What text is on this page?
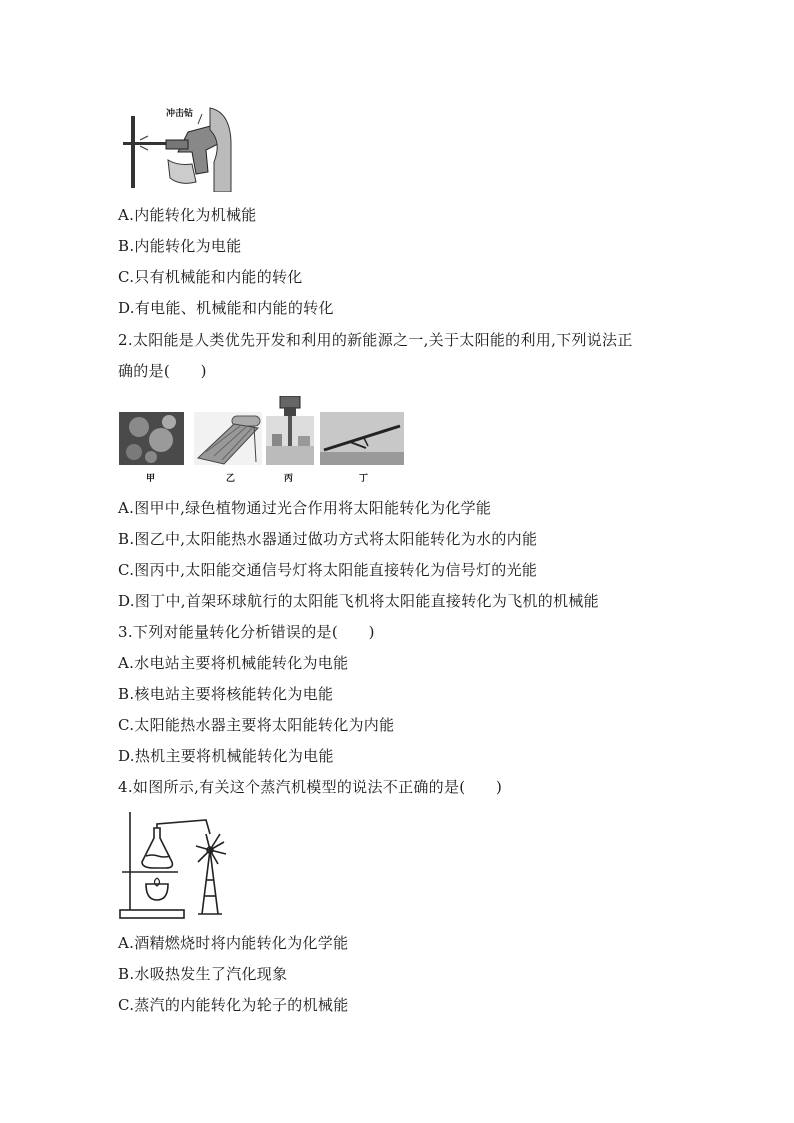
冲击钻
A.内能转化为机械能
B.内能转化为电能
C.只有机械能和内能的转化
D.有电能、机械能和内能的转化
2.太阳能是人类优先开发和利用的新能源之一,关于太阳能的利用,下列说法正
确的是(　　)
甲	乙	丙	丁
A.图甲中,绿色植物通过光合作用将太阳能转化为化学能
B.图乙中,太阳能热水器通过做功方式将太阳能转化为水的内能
C.图丙中,太阳能交通信号灯将太阳能直接转化为信号灯的光能
D.图丁中,首架环球航行的太阳能飞机将太阳能直接转化为飞机的机械能
3.下列对能量转化分析错误的是(　　)
A.水电站主要将机械能转化为电能
B.核电站主要将核能转化为电能
C.太阳能热水器主要将太阳能转化为内能
D.热机主要将机械能转化为电能
4.如图所示,有关这个蒸汽机模型的说法不正确的是(　　)
A.酒精燃烧时将内能转化为化学能
B.水吸热发生了汽化现象
C.蒸汽的内能转化为轮子的机械能
